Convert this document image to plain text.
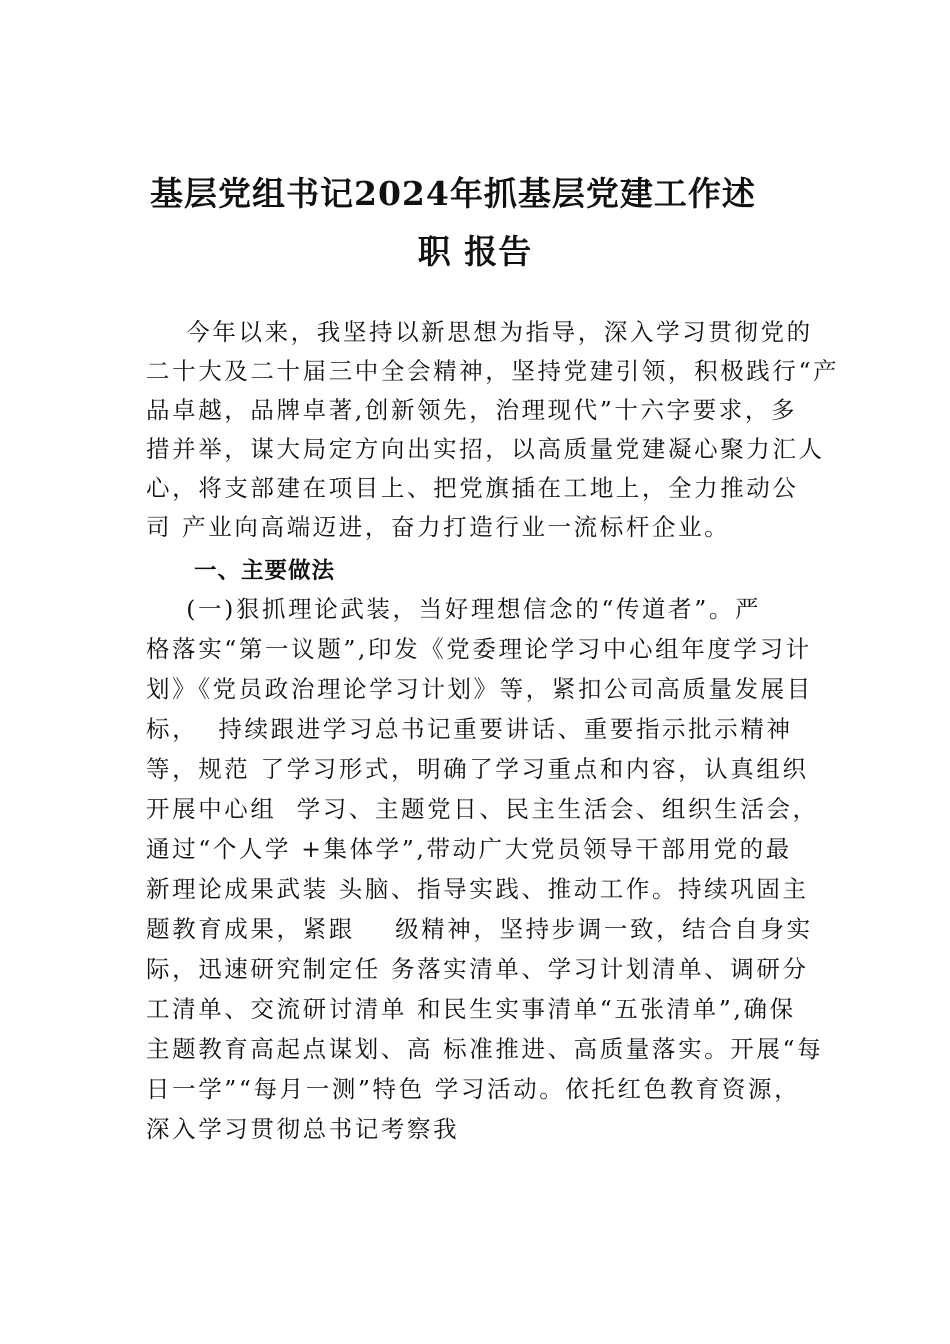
基层党组书记2024年抓基层党建工作述
职 报告

今年以来，我坚持以新思想为指导，深入学习贯彻党的

二十大及二十届三中全会精神，坚持党建引领，积极践行“产

品卓越，品牌卓著,创新领先，治理现代”十六字要求，多

措并举，谋大局定方向出实招，以高质量党建凝心聚力汇人

心，将支部建在项目上、把党旗插在工地上，全力推动公

司 产业向高端迈进，奋力打造行业一流标杆企业。

一、主要做法

(一)狠抓理论武装，当好理想信念的“传道者”。严

格落实“第一议题”,印发《党委理论学习中心组年度学习计

划》《党员政治理论学习计划》等，紧扣公司高质量发展目

标，  持续跟进学习总书记重要讲话、重要指示批示精神

等，规范 了学习形式，明确了学习重点和内容，认真组织

开展中心组  学习、主题党日、民主生活会、组织生活会，

通过“个人学 +集体学”,带动广大党员领导干部用党的最

新理论成果武装 头脑、指导实践、推动工作。持续巩固主

题教育成果，紧跟    级精神，坚持步调一致，结合自身实

际，迅速研究制定任 务落实清单、学习计划清单、调研分

工清单、交流研讨清单 和民生实事清单“五张清单”,确保

主题教育高起点谋划、高 标准推进、高质量落实。开展“每

日一学”“每月一测”特色 学习活动。依托红色教育资源，

深入学习贯彻总书记考察我
